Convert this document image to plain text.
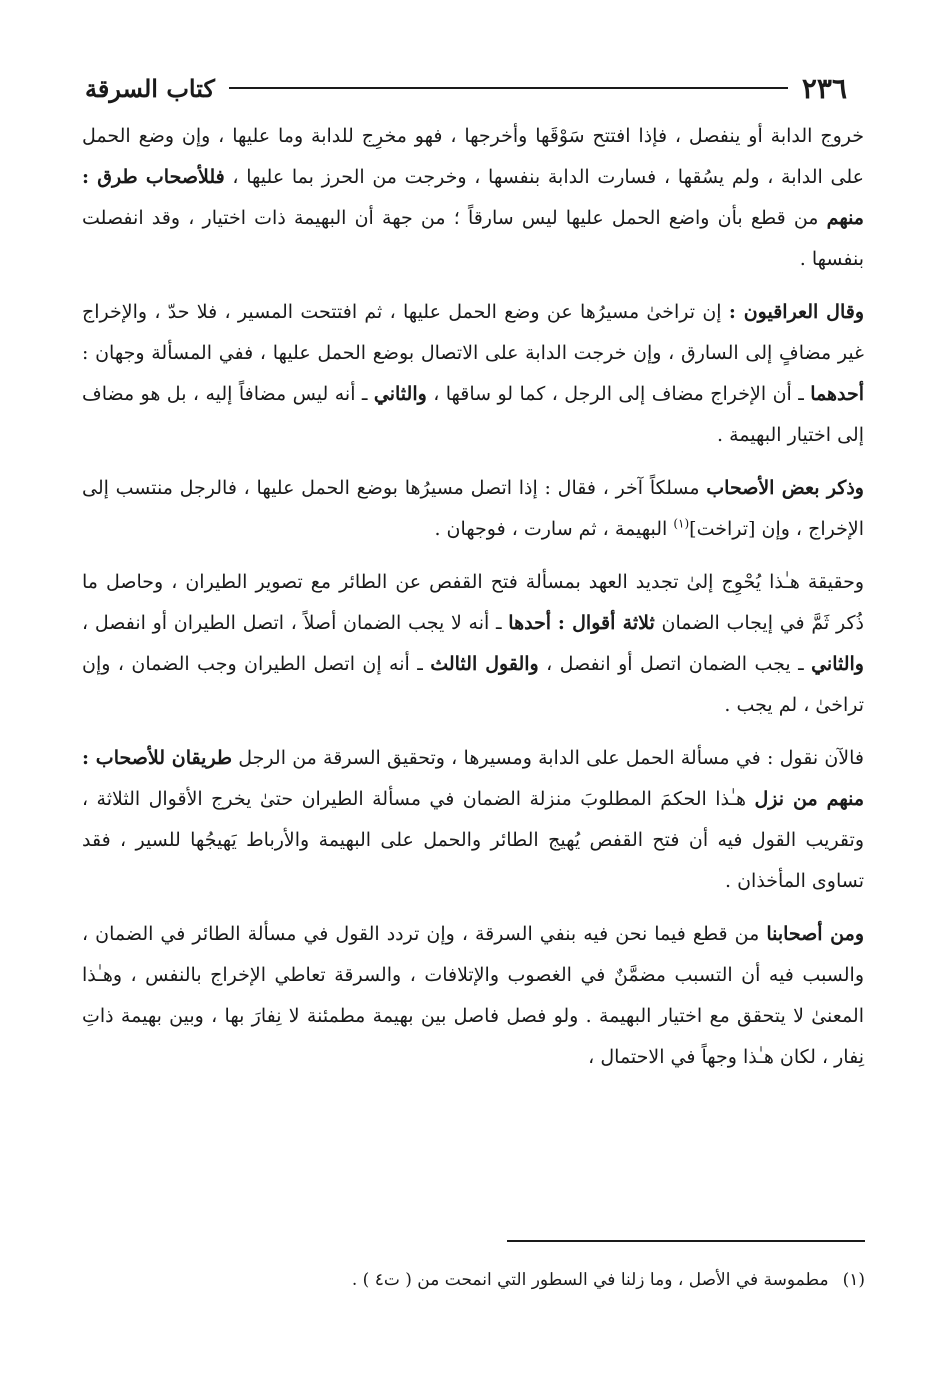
٢٣٦
كتاب السرقة

خروج الدابة أو ينفصل ، فإذا افتتح سَوْقَها وأخرجها ، فهو مخرِج للدابة وما عليها ، وإن وضع الحمل على الدابة ، ولم يسُقها ، فسارت الدابة بنفسها ، وخرجت من الحرز بما عليها ، فللأصحاب طرق : منهم من قطع بأن واضع الحمل عليها ليس سارقاً ؛ من جهة أن البهيمة ذات اختيار ، وقد انفصلت بنفسها .

وقال العراقيون : إن تراخىٰ مسيرُها عن وضع الحمل عليها ، ثم افتتحت المسير ، فلا حدّ ، والإخراج غير مضافٍ إلى السارق ، وإن خرجت الدابة على الاتصال بوضع الحمل عليها ، ففي المسألة وجهان : أحدهما ـ أن الإخراج مضاف إلى الرجل ، كما لو ساقها ، والثاني ـ أنه ليس مضافاً إليه ، بل هو مضاف إلى اختيار البهيمة .

وذكر بعض الأصحاب مسلكاً آخر ، فقال : إذا اتصل مسيرُها بوضع الحمل عليها ، فالرجل منتسب إلى الإخراج ، وإن [تراخت]$^{(١)}$ البهيمة ، ثم سارت ، فوجهان .

وحقيقة هـٰذا يُحْوِج إلىٰ تجديد العهد بمسألة فتح القفص عن الطائر مع تصوير الطيران ، وحاصل ما ذُكر ثَمَّ في إيجاب الضمان ثلاثة أقوال : أحدها ـ أنه لا يجب الضمان أصلاً ، اتصل الطيران أو انفصل ، والثاني ـ يجب الضمان اتصل أو انفصل ، والقول الثالث ـ أنه إن اتصل الطيران وجب الضمان ، وإن تراخىٰ ، لم يجب .

فالآن نقول : في مسألة الحمل على الدابة ومسيرها ، وتحقيق السرقة من الرجل طريقان للأصحاب : منهم من نزل هـٰذا الحكمَ المطلوبَ منزلة الضمان في مسألة الطيران حتىٰ يخرج الأقوال الثلاثة ، وتقريب القول فيه أن فتح القفص يُهيج الطائر والحمل على البهيمة والأرباط يَهيجُها للسير ، فقد تساوى المأخذان .

ومن أصحابنا من قطع فيما نحن فيه بنفي السرقة ، وإن تردد القول في مسألة الطائر في الضمان ، والسبب فيه أن التسبب مضمَّنٌ في الغصوب والإتلافات ، والسرقة تعاطي الإخراج بالنفس ، وهـٰذا المعنىٰ لا يتحقق مع اختيار البهيمة . ولو فصل فاصل بين بهيمة مطمئنة لا نِفارَ بها ، وبين بهيمة ذاتِ نِفار ، لكان هـٰذا وجهاً في الاحتمال ،

(١)مطموسة في الأصل ، وما زلنا في السطور التي انمحت من ( ت٤ ) .
